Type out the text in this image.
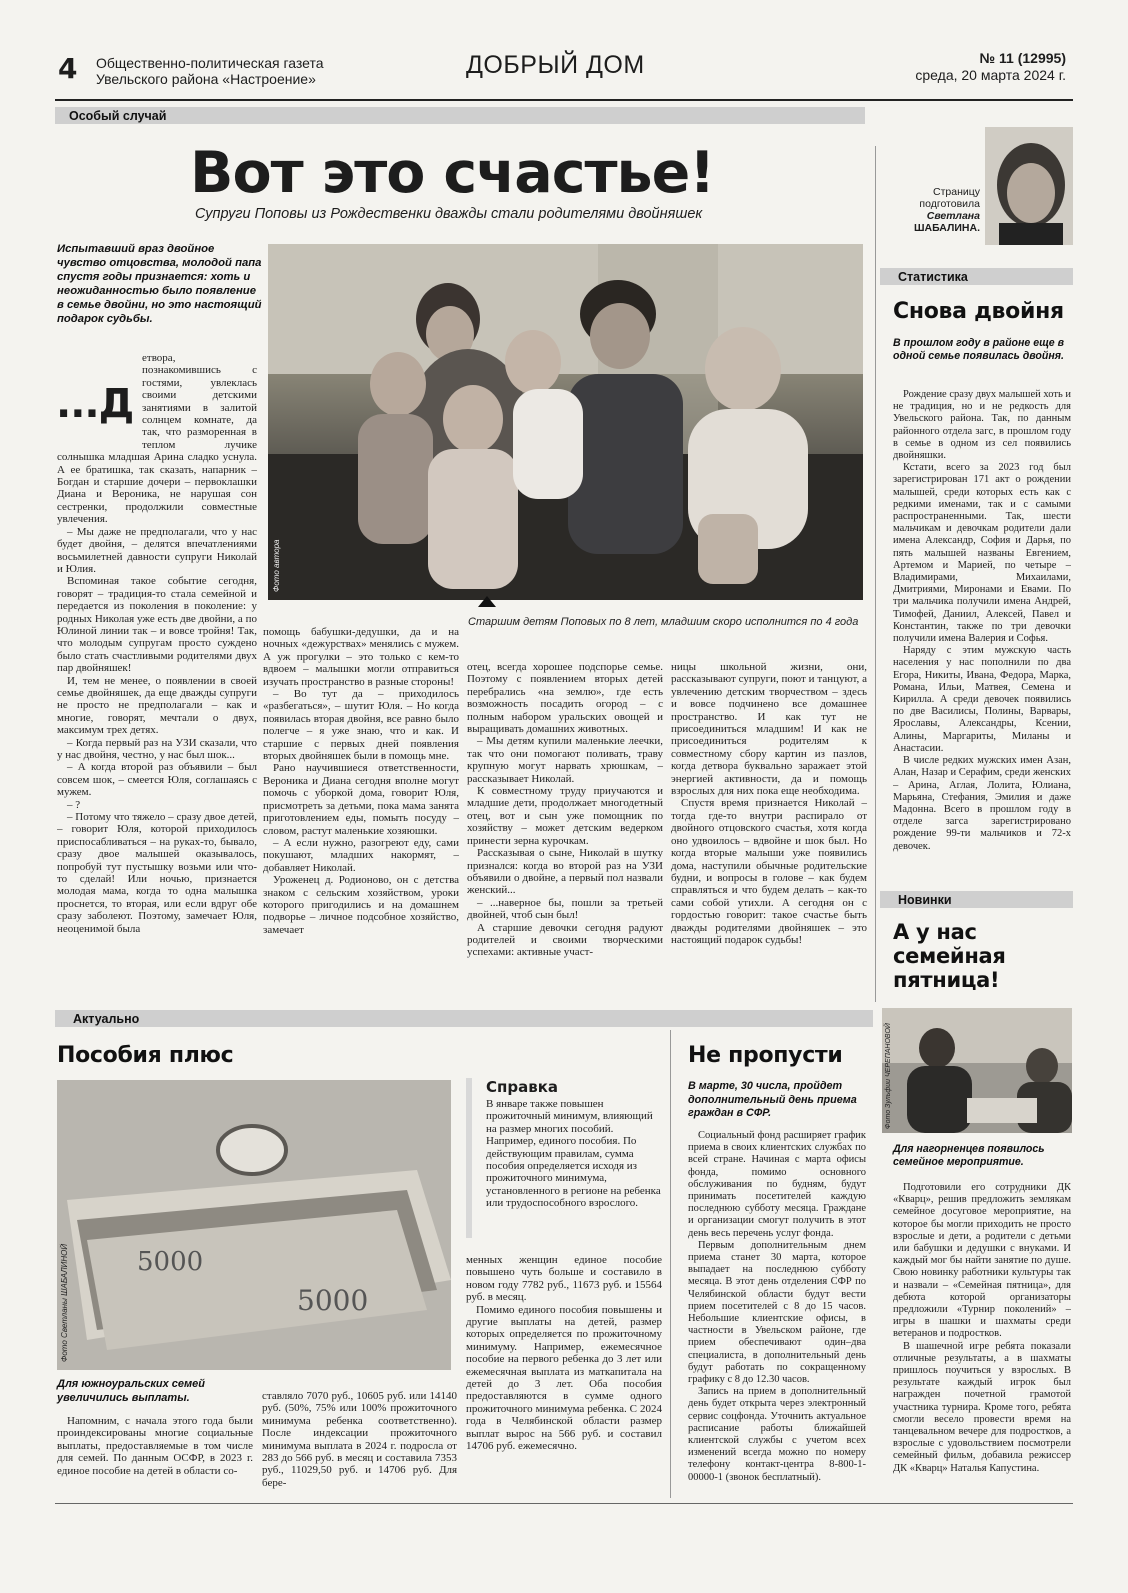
4 Общественно-политическая газета
Увельского района «Настроение»	ДОБРЫЙ ДОМ	№ 11 (12995)
среда, 20 марта 2024 г.
Особый случай
Вот это счастье!
Супруги Поповы из Рождественки дважды стали родителями двойняшек
Испытавший враз двойное чувство отцовства, молодой папа спустя годы признается: хоть и неожиданностью было появление в семье двойни, но это настоящий подарок судьбы.
Фото автора
Старшим детям Поповых по 8 лет, младшим скоро исполнится по 4 года
...Д

етвора, познакомившись с гостями, увлеклась своими детскими занятиями в залитой солнцем комнате, да так, что разморенная в теплом лучике солнышка младшая Арина сладко уснула. А ее братишка, так сказать, напарник – Богдан и старшие дочери – первоклашки Диана и Вероника, не нарушая сон сестренки, продолжили совместные увлечения.

– Мы даже не предполагали, что у нас будет двойня, – делятся впечатлениями восьмилетней давности супруги Николай и Юлия.

Вспоминая такое событие сегодня, говорят – традиция-то стала семейной и передается из поколения в поколение: у родных Николая уже есть две двойни, а по Юлиной линии так – и вовсе тройня! Так, что молодым супругам просто суждено было стать счастливыми родителями двух пар двойняшек!

И, тем не менее, о появлении в своей семье двойняшек, да еще дважды супруги не просто не предполагали – как и многие, говорят, мечтали о двух, максимум трех детях.

– Когда первый раз на УЗИ сказали, что у нас двойня, честно, у нас был шок...

– А когда второй раз объявили – был совсем шок, – смеется Юля, соглашаясь с мужем.

– ?

– Потому что тяжело – сразу двое детей, – говорит Юля, которой приходилось приспосабливаться – на руках-то, бывало, сразу двое малышей оказывалось, попробуй тут пустышку возьми или что-то сделай! Или ночью, признается молодая мама, когда то одна малышка проснется, то вторая, или если вдруг обе сразу заболеют. Поэтому, замечает Юля, неоценимой была

помощь бабушки-дедушки, да и на ночных «дежурствах» менялись с мужем. А уж прогулки – это только с кем-то вдвоем – малышки могли отправиться изучать пространство в разные стороны!

– Во тут да – приходилось «разбегаться», – шутит Юля. – Но когда появилась вторая двойня, все равно было полегче – я уже знаю, что и как. И старшие с первых дней появления вторых двойняшек были в помощь мне.

Рано научившиеся ответственности, Вероника и Диана сегодня вполне могут помочь с уборкой дома, говорит Юля, присмотреть за детьми, пока мама занята приготовлением еды, помыть посуду – словом, растут маленькие хозяюшки.

– А если нужно, разогреют еду, сами покушают, младших накормят, – добавляет Николай.

Уроженец д. Родионово, он с детства знаком с сельским хозяйством, уроки которого пригодились и на домашнем подворье – личное подсобное хозяйство, замечает

отец, всегда хорошее подспорье семье. Поэтому с появлением вторых детей перебрались «на землю», где есть возможность посадить огород – с полным набором уральских овощей и выращивать домашних животных.

– Мы детям купили маленькие леечки, так что они помогают поливать, траву крупную могут нарвать хрюшкам, – рассказывает Николай.

К совместному труду приучаются и младшие дети, продолжает многодетный отец, вот и сын уже помощник по хозяйству – может детским ведерком принести зерна курочкам.

Рассказывая о сыне, Николай в шутку признался: когда во второй раз на УЗИ объявили о двойне, а первый пол назвали женский...

– ...наверное бы, пошли за третьей двойней, чтоб сын был!

А старшие девочки сегодня радуют родителей и своими творческими успехами: активные участ-

ницы школьной жизни, они, рассказывают супруги, поют и танцуют, а увлечению детским творчеством – здесь и вовсе подчинено все домашнее пространство. И как тут не присоединиться младшим! И как не присоединиться родителям к совместному сбору картин из пазлов, когда детвора буквально заражает этой энергией активности, да и помощь взрослых для них пока еще необходима.

Спустя время признается Николай – тогда где-то внутри распирало от двойного отцовского счастья, хотя когда оно удвоилось – вдвойне и шок был. Но когда вторые малыши уже появились дома, наступили обычные родительские будни, и вопросы в голове – как будем справляться и что будем делать – как-то сами собой утихли. А сегодня он с гордостью говорит: такое счастье быть дважды родителями двойняшек – это настоящий подарок судьбы!

Страницу
подготовила
Светлана
ШАБАЛИНА.
Статистика
Снова двойня
В прошлом году в районе еще в одной семье появилась двойня.

Рождение сразу двух малышей хоть и не традиция, но и не редкость для Увельского района. Так, по данным районного отдела загс, в прошлом году в семье в одном из сел появились двойняшки.

Кстати, всего за 2023 год был зарегистрирован 171 акт о рождении малышей, среди которых есть как с редкими именами, так и с самыми распространенными. Так, шести мальчикам и девочкам родители дали имена Александр, София и Дарья, по пять малышей названы Евгением, Артемом и Марией, по четыре – Владимирами, Михаилами, Дмитриями, Миронами и Евами. По три мальчика получили имена Андрей, Тимофей, Даниил, Алексей, Павел и Константин, также по три девочки получили имена Валерия и Софья.

Наряду с этим мужскую часть населения у нас пополнили по два Егора, Никиты, Ивана, Федора, Марка, Романа, Ильи, Матвея, Семена и Кирилла. А среди девочек появились по две Василисы, Полины, Варвары, Ярославы, Александры, Ксении, Алины, Маргариты, Миланы и Анастасии.

В числе редких мужских имен Азан, Алан, Назар и Серафим, среди женских – Арина, Аглая, Лолита, Юлиана, Марьяна, Стефания, Эмилия и даже Мадонна. Всего в прошлом году в отделе загса зарегистрировано рождение 99-ти мальчиков и 72-х девочек.

Новинки
А у нас семейная пятница!
Фото Зульфии ЧЕРЕПАНОВОЙ
Для нагорненцев появилось семейное мероприятие.

Подготовили его сотрудники ДК «Кварц», решив предложить землякам семейное досуговое мероприятие, на которое бы могли приходить не просто взрослые и дети, а родители с детьми или бабушки и дедушки с внуками. И каждый мог бы найти занятие по душе. Свою новинку работники культуры так и назвали – «Семейная пятница», для дебюта которой организаторы предложили «Турнир поколений» – игры в шашки и шахматы среди ветеранов и подростков.

В шашечной игре ребята показали отличные результаты, а в шахматы пришлось поучиться у взрослых. В результате каждый игрок был награжден почетной грамотой участника турнира. Кроме того, ребята смогли весело провести время на танцевальном вечере для подростков, а взрослые с удовольствием посмотрели семейный фильм, добавила режиссер ДК «Кварц» Наталья Капустина.

Актуально
Пособия плюс
5000
5000
Фото Светланы ШАБАЛИНОЙ
Для южноуральских семей увеличились выплаты.

Напомним, с начала этого года были проиндексированы многие социальные выплаты, предоставляемые в том числе для семей. По данным ОСФР, в 2023 г. единое пособие на детей в области со-

ставляло 7070 руб., 10605 руб. или 14140 руб. (50%, 75% или 100% прожиточного минимума ребенка соответственно). После индексации прожиточного минимума выплата в 2024 г. подросла от 283 до 566 руб. в месяц и составила 7353 руб., 11029,50 руб. и 14706 руб. Для бере-

Справка
В январе также повышен прожиточный минимум, влияющий на размер многих пособий. Например, единого пособия. По действующим правилам, сумма пособия определяется исходя из прожиточного минимума, установленного в регионе на ребенка или трудоспособного взрослого.

менных женщин единое пособие повышено чуть больше и составило в новом году 7782 руб., 11673 руб. и 15564 руб. в месяц.

Помимо единого пособия повышены и другие выплаты на детей, размер которых определяется по прожиточному минимуму. Например, ежемесячное пособие на первого ребенка до 3 лет или ежемесячная выплата из маткапитала на детей до 3 лет. Оба пособия предоставляются в сумме одного прожиточного минимума ребенка. С 2024 года в Челябинской области размер выплат вырос на 566 руб. и составил 14706 руб. ежемесячно.

Не пропусти
В марте, 30 числа, пройдет дополнительный день приема граждан в СФР.

Социальный фонд расширяет график приема в своих клиентских службах по всей стране. Начиная с марта офисы фонда, помимо основного обслуживания по будням, будут принимать посетителей каждую последнюю субботу месяца. Граждане и организации смогут получить в этот день весь перечень услуг фонда.

Первым дополнительным днем приема станет 30 марта, которое выпадает на последнюю субботу месяца. В этот день отделения СФР по Челябинской области будут вести прием посетителей с 8 до 15 часов. Небольшие клиентские офисы, в частности в Увельском районе, где прием обеспечивают один–два специалиста, в дополнительный день будут работать по сокращенному графику с 8 до 12.30 часов.

Запись на прием в дополнительный день будет открыта через электронный сервис соцфонда. Уточнить актуальное расписание работы ближайшей клиентской службы с учетом всех изменений всегда можно по номеру телефону контакт-центра 8-800-1-00000-1 (звонок бесплатный).
